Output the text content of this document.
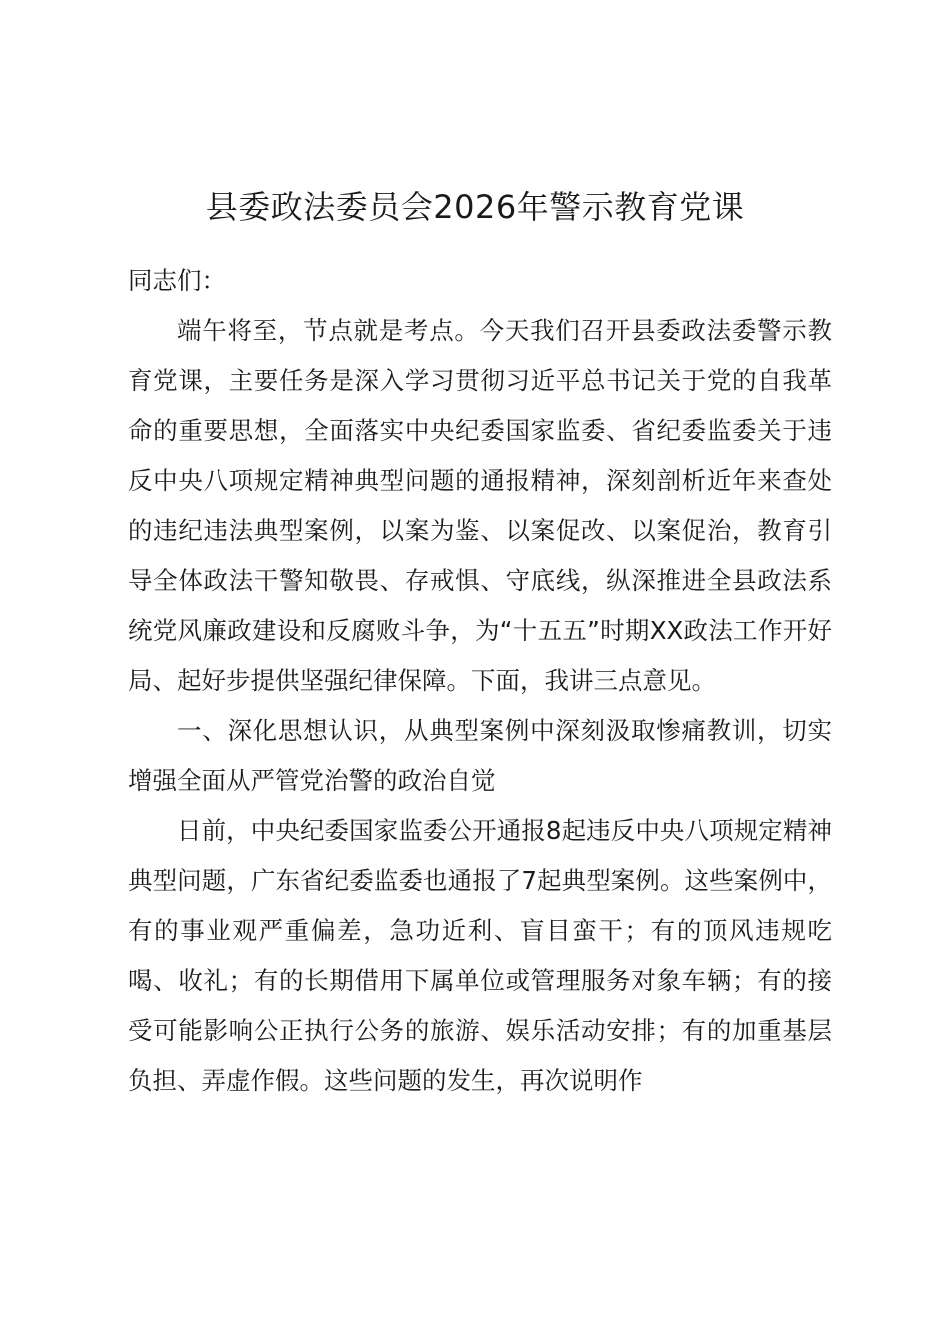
县委政法委员会2026年警示教育党课

同志们：

端午将至，节点就是考点。今天我们召开县委政法委警示教育党课，主要任务是深入学习贯彻习近平总书记关于党的自我革命的重要思想，全面落实中央纪委国家监委、省纪委监委关于违反中央八项规定精神典型问题的通报精神，深刻剖析近年来查处的违纪违法典型案例，以案为鉴、以案促改、以案促治，教育引导全体政法干警知敬畏、存戒惧、守底线，纵深推进全县政法系统党风廉政建设和反腐败斗争，为“十五五”时期XX政法工作开好局、起好步提供坚强纪律保障。下面，我讲三点意见。

一、深化思想认识，从典型案例中深刻汲取惨痛教训，切实增强全面从严管党治警的政治自觉

日前，中央纪委国家监委公开通报8起违反中央八项规定精神典型问题，广东省纪委监委也通报了7起典型案例。这些案例中，有的事业观严重偏差，急功近利、盲目蛮干；有的顶风违规吃喝、收礼；有的长期借用下属单位或管理服务对象车辆；有的接受可能影响公正执行公务的旅游、娱乐活动安排；有的加重基层负担、弄虚作假。这些问题的发生，再次说明作
